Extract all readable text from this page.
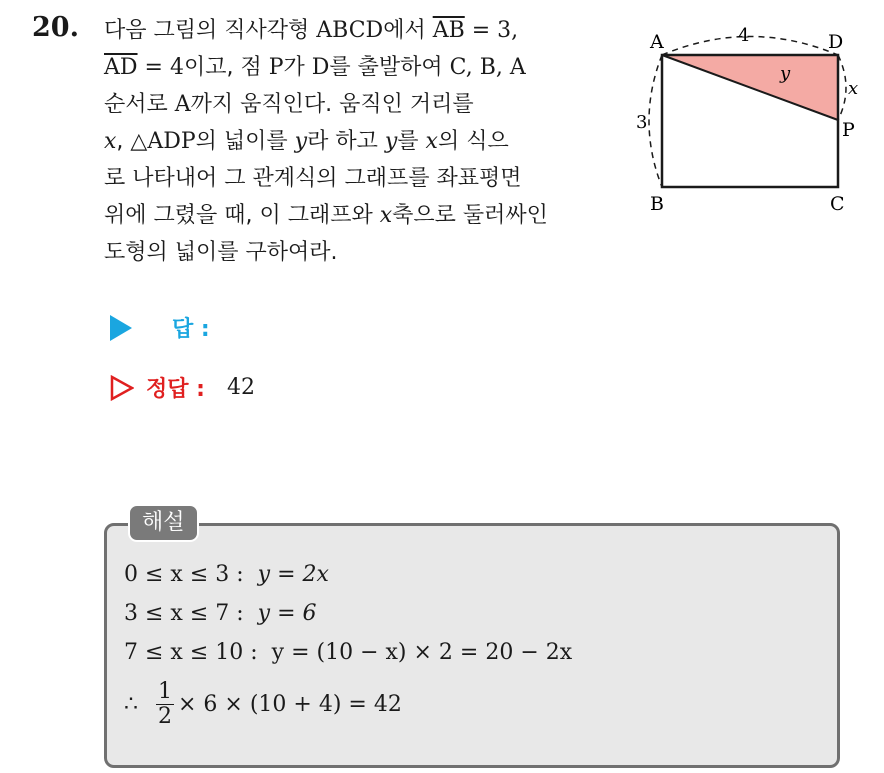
20. 다음 그림의 직사각형 ABCD에서 $\overline{AB} = 3$,
$\overline{AD} = 4$이고, 점 P가 D를 출발하여 C, B, A
순서로 A까지 움직인다. 움직인 거리를
x, △ADP의 넓이를 y라 하고 y를 x의 식으
로 나타내어 그 관계식의 그래프를 좌표평면
위에 그렸을 때, 이 그래프와 x축으로 둘러싸인
도형의 넓이를 구하여라.
A	D
B	C
P
4
3
x
y
답 :
정답 : 42
해설
0 ≤ x ≤ 3 : y = 2x
3 ≤ x ≤ 7 : y = 6
7 ≤ x ≤ 10 : y = (10 − x) × 2 = 20 − 2x
∴ $\frac{1}{2} \times 6 \times (10 + 4) = 42$
